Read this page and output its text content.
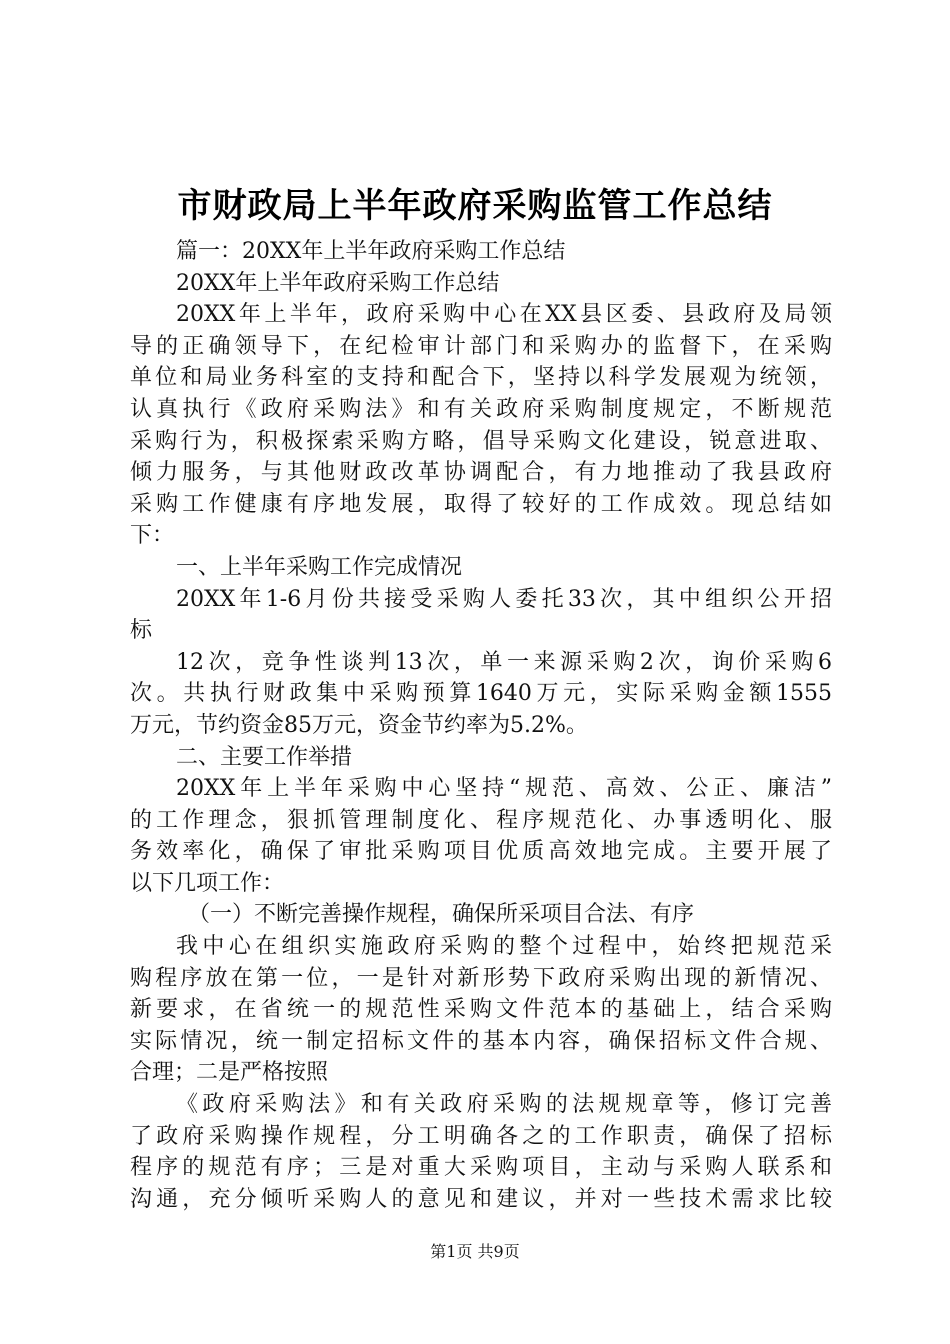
市财政局上半年政府采购监管工作总结
篇一：20XX年上半年政府采购工作总结
20XX年上半年政府采购工作总结
20XX年上半年，政府采购中心在XX县区委、县政府及局领
导的正确领导下，在纪检审计部门和采购办的监督下，在采购
单位和局业务科室的支持和配合下，坚持以科学发展观为统领，
认真执行《政府采购法》和有关政府采购制度规定，不断规范
采购行为，积极探索采购方略，倡导采购文化建设，锐意进取、
倾力服务，与其他财政改革协调配合，有力地推动了我县政府
采购工作健康有序地发展，取得了较好的工作成效。现总结如
下：
一、上半年采购工作完成情况
20XX年1-6月份共接受采购人委托33次，其中组织公开招
标
12次，竞争性谈判13次，单一来源采购2次，询价采购6
次。共执行财政集中采购预算1640万元，实际采购金额1555
万元，节约资金85万元，资金节约率为5.2%。
二、主要工作举措
20XX年上半年采购中心坚持“规范、高效、公正、廉洁”
的工作理念，狠抓管理制度化、程序规范化、办事透明化、服
务效率化，确保了审批采购项目优质高效地完成。主要开展了
以下几项工作：
（一）不断完善操作规程，确保所采项目合法、有序
我中心在组织实施政府采购的整个过程中，始终把规范采
购程序放在第一位，一是针对新形势下政府采购出现的新情况、
新要求，在省统一的规范性采购文件范本的基础上，结合采购
实际情况，统一制定招标文件的基本内容，确保招标文件合规、
合理；二是严格按照
《政府采购法》和有关政府采购的法规规章等，修订完善
了政府采购操作规程，分工明确各之的工作职责，确保了招标
程序的规范有序；三是对重大采购项目，主动与采购人联系和
沟通，充分倾听采购人的意见和建议，并对一些技术需求比较
第1页 共9页
